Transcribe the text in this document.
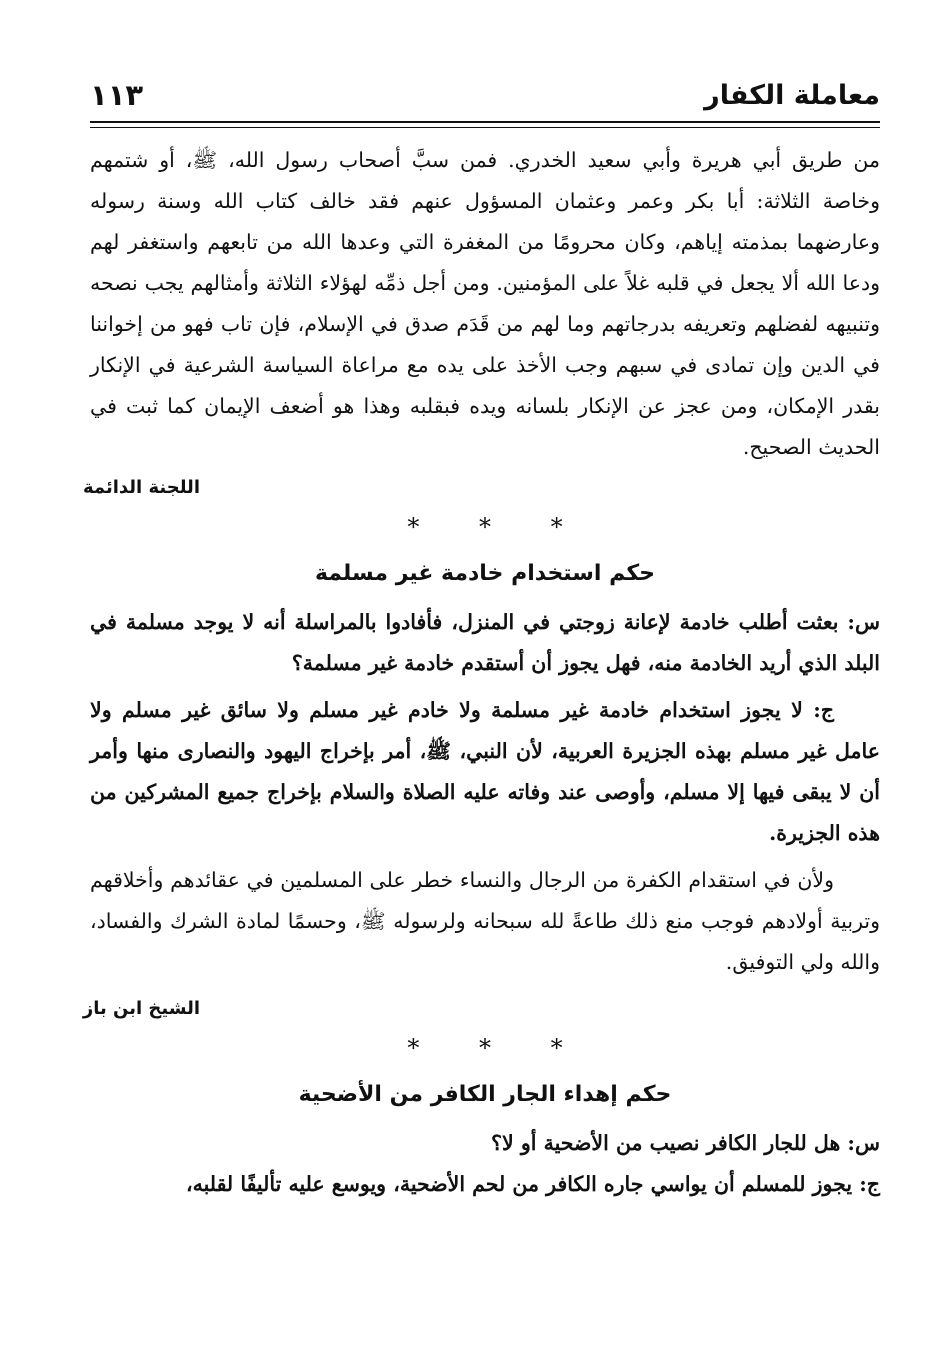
معاملة الكفار
١١٣

من طريق أبي هريرة وأبي سعيد الخدري. فمن سبَّ أصحاب رسول الله، ﷺ، أو شتمهم وخاصة الثلاثة: أبا بكر وعمر وعثمان المسؤول عنهم فقد خالف كتاب الله وسنة رسوله وعارضهما بمذمته إياهم، وكان محرومًا من المغفرة التي وعدها الله من تابعهم واستغفر لهم ودعا الله ألا يجعل في قلبه غلاً على المؤمنين. ومن أجل ذمِّه لهؤلاء الثلاثة وأمثالهم يجب نصحه وتنبيهه لفضلهم وتعريفه بدرجاتهم وما لهم من قَدَم صدق في الإسلام، فإن تاب فهو من إخواننا في الدين وإن تمادى في سبهم وجب الأخذ على يده مع مراعاة السياسة الشرعية في الإنكار بقدر الإمكان، ومن عجز عن الإنكار بلسانه ويده فبقلبه وهذا هو أضعف الإيمان كما ثبت في الحديث الصحيح.

اللجنة الدائمة

* * *
حكم استخدام خادمة غير مسلمة

س: بعثت أطلب خادمة لإعانة زوجتي في المنزل، فأفادوا بالمراسلة أنه لا يوجد مسلمة في البلد الذي أريد الخادمة منه، فهل يجوز أن أستقدم خادمة غير مسلمة؟

ج: لا يجوز استخدام خادمة غير مسلمة ولا خادم غير مسلم ولا سائق غير مسلم ولا عامل غير مسلم بهذه الجزيرة العربية، لأن النبي، ﷺ، أمر بإخراج اليهود والنصارى منها وأمر أن لا يبقى فيها إلا مسلم، وأوصى عند وفاته عليه الصلاة والسلام بإخراج جميع المشركين من هذه الجزيرة.

ولأن في استقدام الكفرة من الرجال والنساء خطر على المسلمين في عقائدهم وأخلاقهم وتربية أولادهم فوجب منع ذلك طاعةً لله سبحانه ولرسوله ﷺ، وحسمًا لمادة الشرك والفساد، والله ولي التوفيق.

الشيخ ابن باز

* * *
حكم إهداء الجار الكافر من الأضحية

س: هل للجار الكافر نصيب من الأضحية أو لا؟

ج: يجوز للمسلم أن يواسي جاره الكافر من لحم الأضحية، ويوسع عليه تأليفًا لقلبه،
